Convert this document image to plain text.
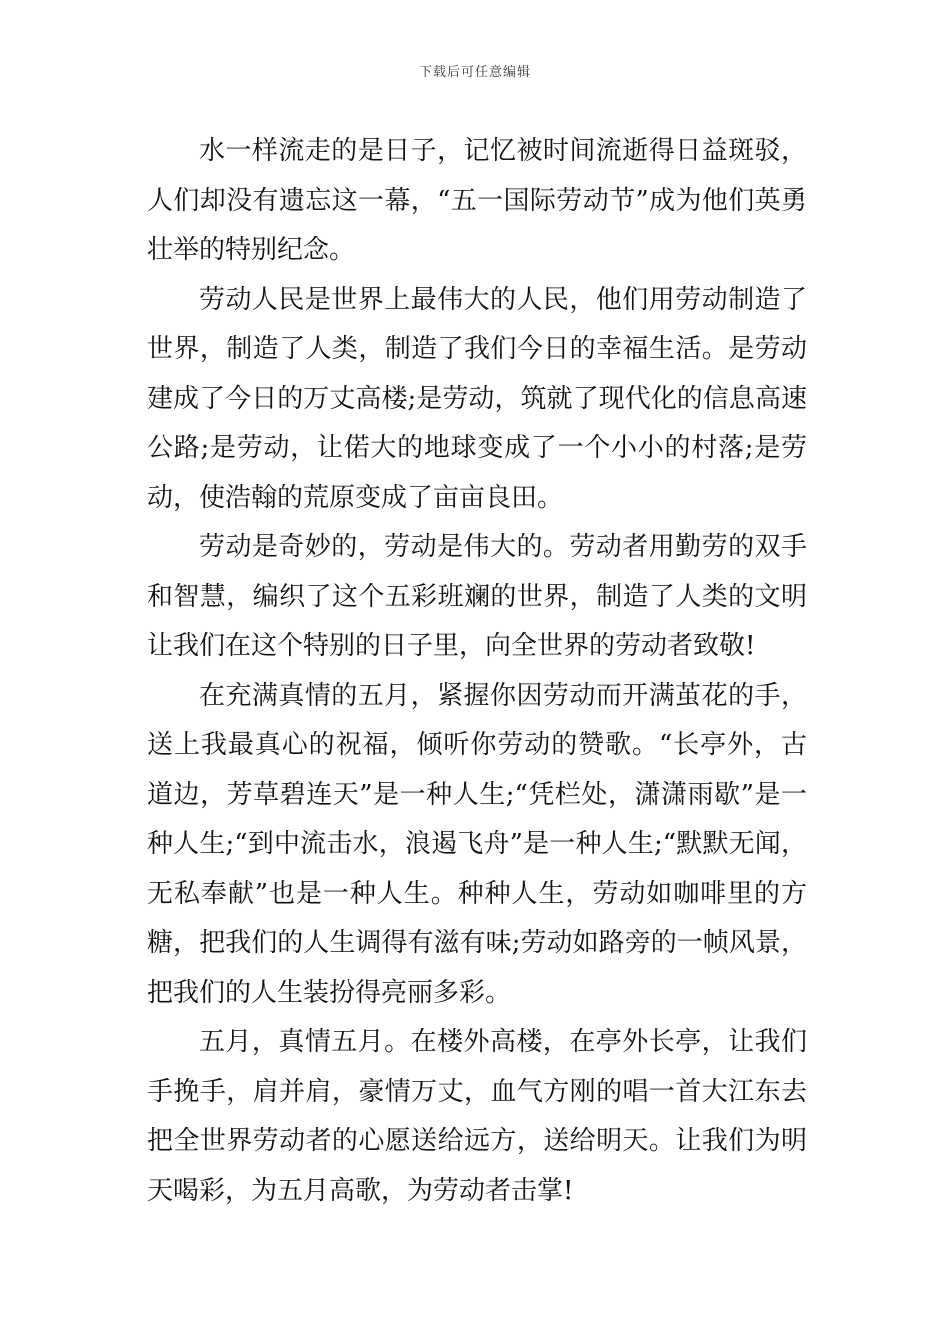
下载后可任意编辑

水一样流走的是日子，记忆被时间流逝得日益斑驳，人们却没有遗忘这一幕，“五一国际劳动节”成为他们英勇壮举的特别纪念。

劳动人民是世界上最伟大的人民，他们用劳动制造了世界，制造了人类，制造了我们今日的幸福生活。是劳动建成了今日的万丈高楼;是劳动，筑就了现代化的信息高速公路;是劳动，让偌大的地球变成了一个小小的村落;是劳动，使浩翰的荒原变成了亩亩良田。

劳动是奇妙的，劳动是伟大的。劳动者用勤劳的双手和智慧，编织了这个五彩班斓的世界，制造了人类的文明让我们在这个特别的日子里，向全世界的劳动者致敬!

在充满真情的五月，紧握你因劳动而开满茧花的手，送上我最真心的祝福，倾听你劳动的赞歌。“长亭外，古道边，芳草碧连天”是一种人生;“凭栏处，潇潇雨歇”是一种人生;“到中流击水，浪遏飞舟”是一种人生;“默默无闻，无私奉献”也是一种人生。种种人生，劳动如咖啡里的方糖，把我们的人生调得有滋有味;劳动如路旁的一帧风景，把我们的人生装扮得亮丽多彩。

五月，真情五月。在楼外高楼，在亭外长亭，让我们手挽手，肩并肩，豪情万丈，血气方刚的唱一首大江东去把全世界劳动者的心愿送给远方，送给明天。让我们为明天喝彩，为五月高歌，为劳动者击掌!
